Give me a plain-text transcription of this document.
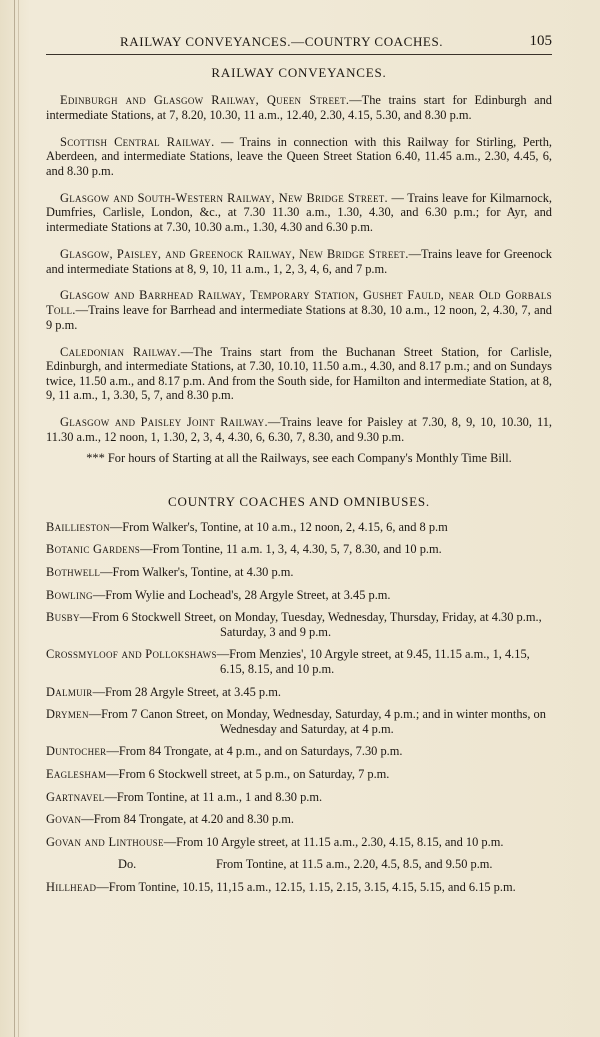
RAILWAY CONVEYANCES.—COUNTRY COACHES.	105
RAILWAY CONVEYANCES.

Edinburgh and Glasgow Railway, Queen Street.—The trains start for Edinburgh and intermediate Stations, at 7, 8.20, 10.30, 11 a.m., 12.40, 2.30, 4.15, 5.30, and 8.30 p.m.

Scottish Central Railway. — Trains in connection with this Railway for Stirling, Perth, Aberdeen, and intermediate Stations, leave the Queen Street Station 6.40, 11.45 a.m., 2.30, 4.45, 6, and 8.30 p.m.

Glasgow and South-Western Railway, New Bridge Street. — Trains leave for Kilmarnock, Dumfries, Carlisle, London, &c., at 7.30 11.30 a.m., 1.30, 4.30, and 6.30 p.m.; for Ayr, and intermediate Stations at 7.30, 10.30 a.m., 1.30, 4.30 and 6.30 p.m.

Glasgow, Paisley, and Greenock Railway, New Bridge Street.—Trains leave for Greenock and intermediate Stations at 8, 9, 10, 11 a.m., 1, 2, 3, 4, 6, and 7 p.m.

Glasgow and Barrhead Railway, Temporary Station, Gushet Fauld, near Old Gorbals Toll.—Trains leave for Barrhead and intermediate Stations at 8.30, 10 a.m., 12 noon, 2, 4.30, 7, and 9 p.m.

Caledonian Railway.—The Trains start from the Buchanan Street Station, for Carlisle, Edinburgh, and intermediate Stations, at 7.30, 10.10, 11.50 a.m., 4.30, and 8.17 p.m.; and on Sundays twice, 11.50 a.m., and 8.17 p.m. And from the South side, for Hamilton and intermediate Station, at 8, 9, 11 a.m., 1, 3.30, 5, 7, and 8.30 p.m.

Glasgow and Paisley Joint Railway.—Trains leave for Paisley at 7.30, 8, 9, 10, 10.30, 11, 11.30 a.m., 12 noon, 1, 1.30, 2, 3, 4, 4.30, 6, 6.30, 7, 8.30, and 9.30 p.m.

*** For hours of Starting at all the Railways, see each Company's Monthly Time Bill.

COUNTRY COACHES AND OMNIBUSES.
Baillieston—From Walker's, Tontine, at 10 a.m., 12 noon, 2, 4.15, 6, and 8 p.m
Botanic Gardens—From Tontine, 11 a.m. 1, 3, 4, 4.30, 5, 7, 8.30, and 10 p.m.
Bothwell—From Walker's, Tontine, at 4.30 p.m.
Bowling—From Wylie and Lochead's, 28 Argyle Street, at 3.45 p.m.
Busby—From 6 Stockwell Street, on Monday, Tuesday, Wednesday, Thursday, Friday, at 4.30 p.m., Saturday, 3 and 9 p.m.
Crossmyloof and Pollokshaws—From Menzies', 10 Argyle street, at 9.45, 11.15 a.m., 1, 4.15, 6.15, 8.15, and 10 p.m.
Dalmuir—From 28 Argyle Street, at 3.45 p.m.
Drymen—From 7 Canon Street, on Monday, Wednesday, Saturday, 4 p.m.; and in winter months, on Wednesday and Saturday, at 4 p.m.
Duntocher—From 84 Trongate, at 4 p.m., and on Saturdays, 7.30 p.m.
Eaglesham—From 6 Stockwell street, at 5 p.m., on Saturday, 7 p.m.
Gartnavel—From Tontine, at 11 a.m., 1 and 8.30 p.m.
Govan—From 84 Trongate, at 4.20 and 8.30 p.m.
Govan and Linthouse—From 10 Argyle street, at 11.15 a.m., 2.30, 4.15, 8.15, and 10 p.m.
Do.	From Tontine, at 11.5 a.m., 2.20, 4.5, 8.5, and 9.50 p.m.
Hillhead—From Tontine, 10.15, 11,15 a.m., 12.15, 1.15, 2.15, 3.15, 4.15, 5.15, and 6.15 p.m.
